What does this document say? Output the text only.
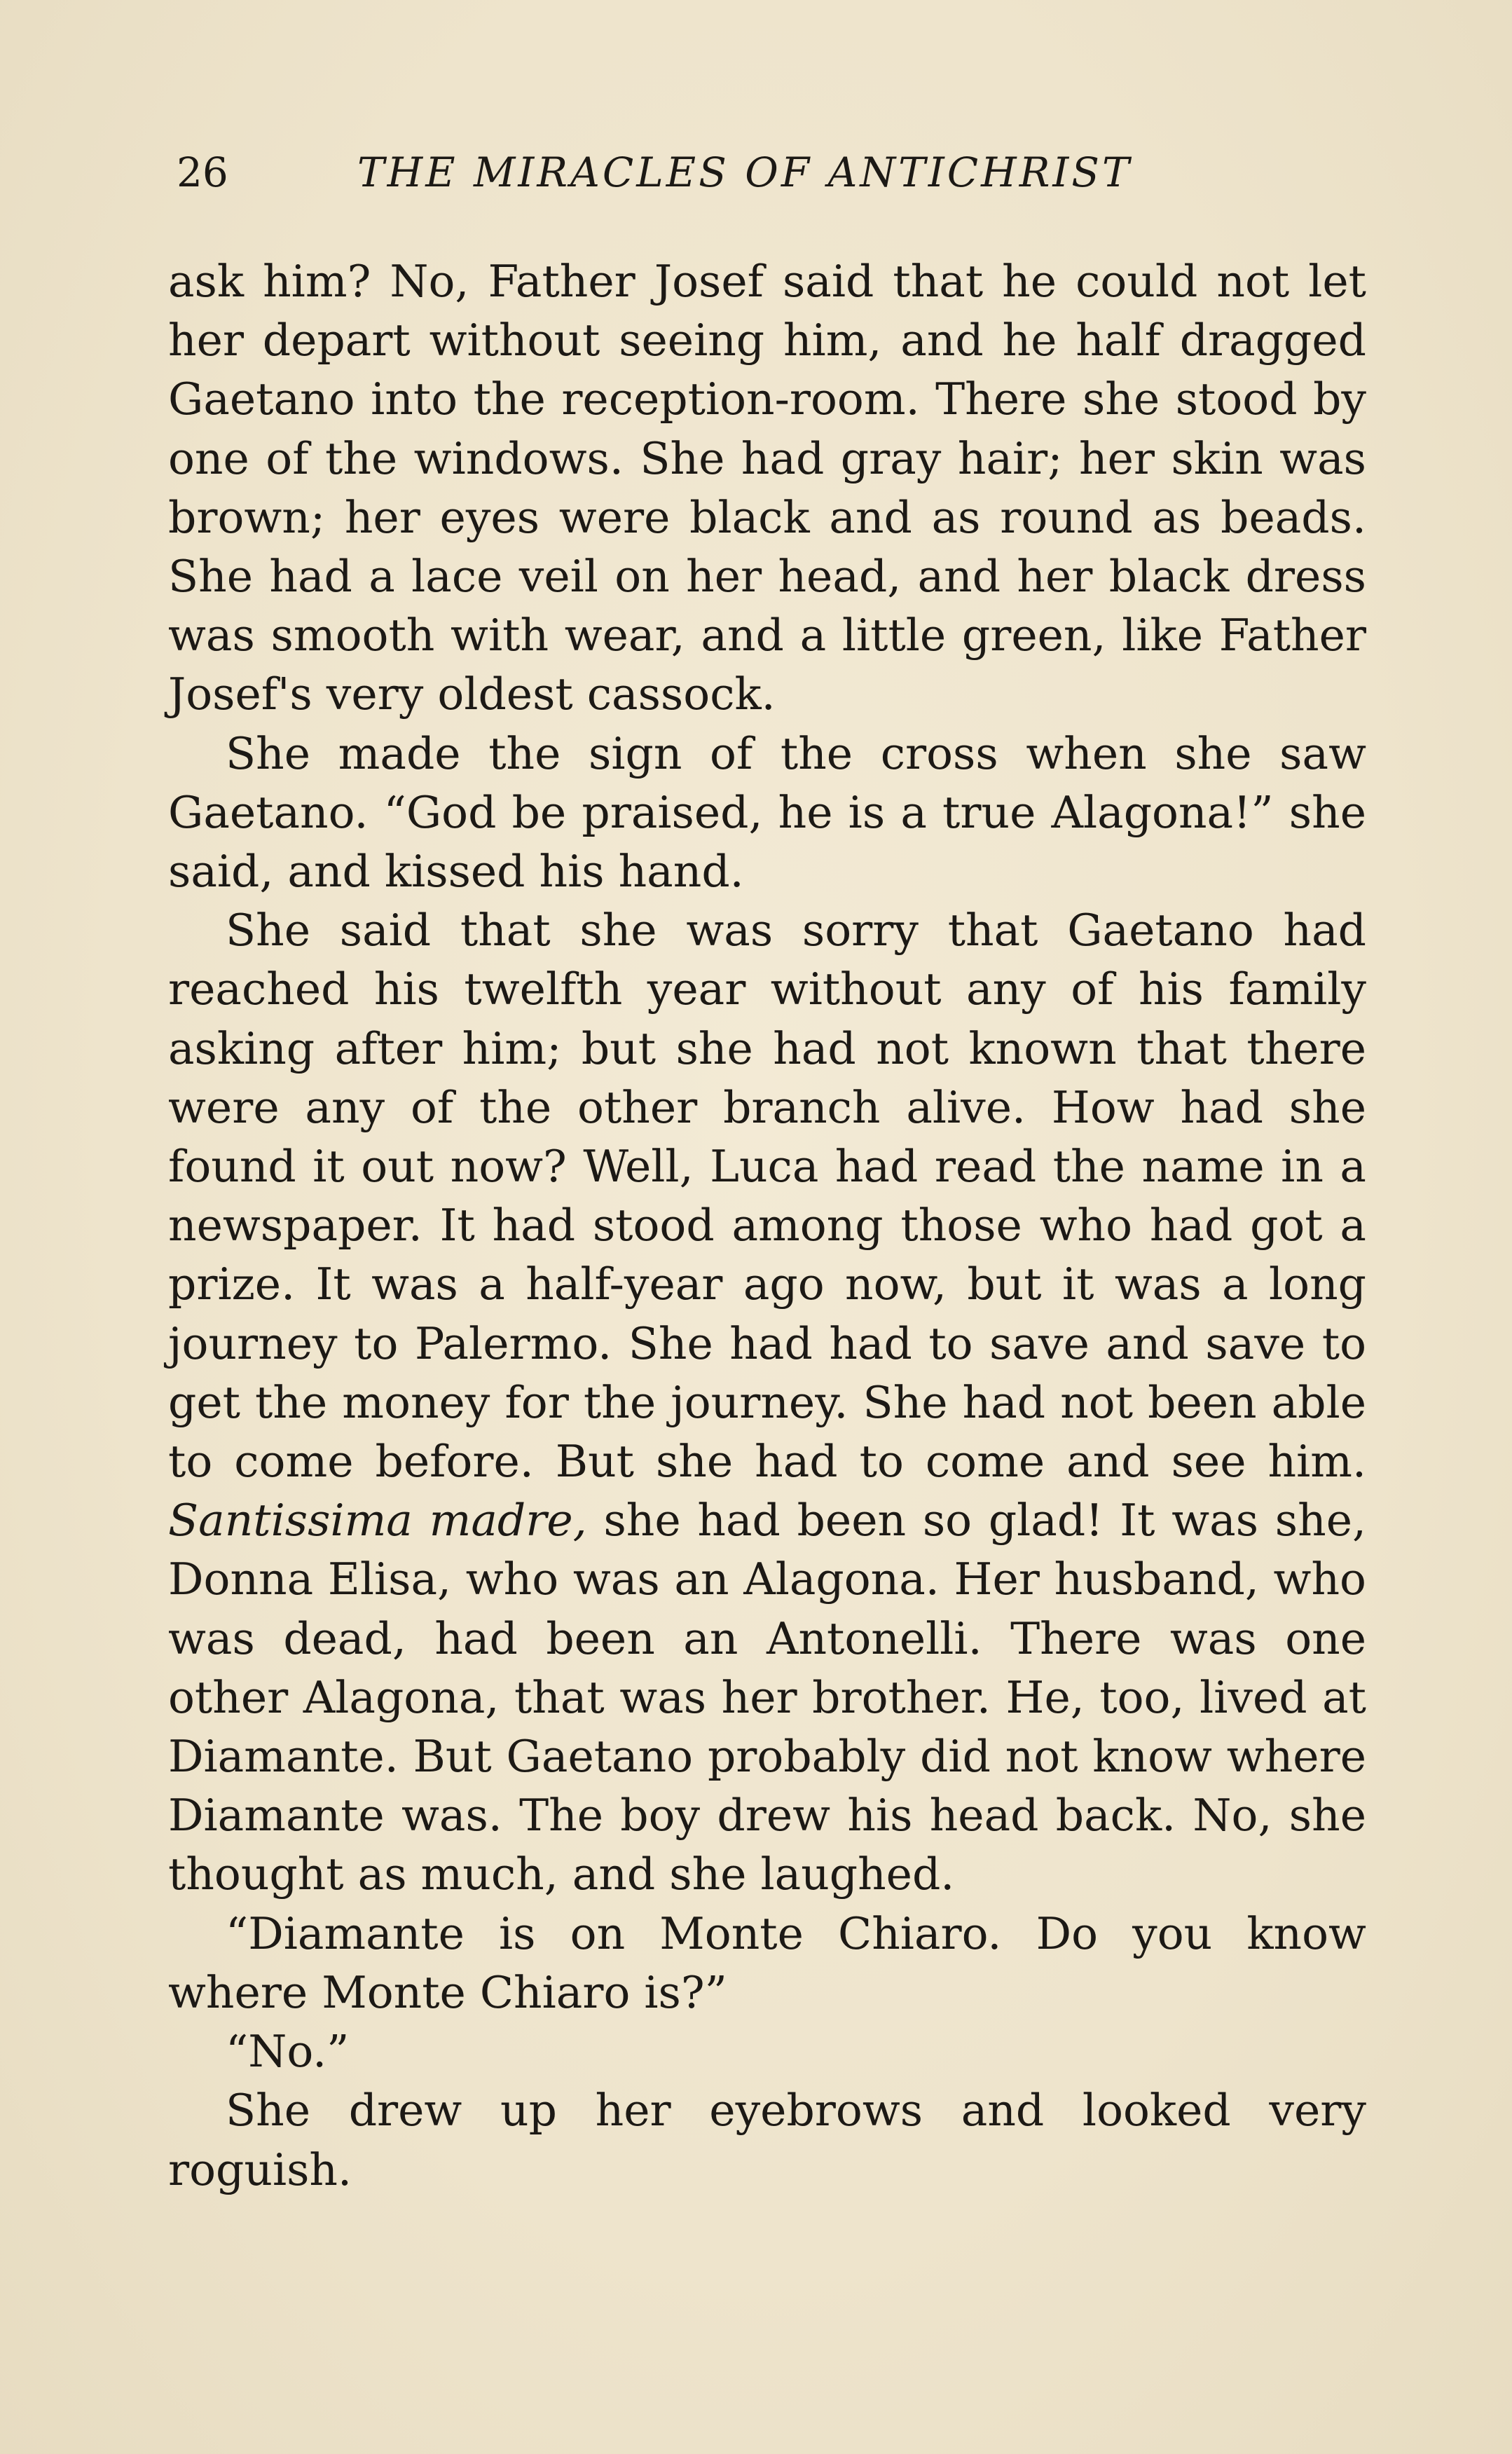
26	THE MIRACLES OF ANTICHRIST

ask him? No, Father Josef said that he could not let her depart without seeing him, and he half dragged Gaetano into the reception-room. There she stood by one of the windows. She had gray hair; her skin was brown; her eyes were black and as round as beads. She had a lace veil on her head, and her black dress was smooth with wear, and a little green, like Father Josef's very oldest cassock.

She made the sign of the cross when she saw Gaetano. “God be praised, he is a true Alagona!” she said, and kissed his hand.

She said that she was sorry that Gaetano had reached his twelfth year without any of his family asking after him; but she had not known that there were any of the other branch alive. How had she found it out now? Well, Luca had read the name in a newspaper. It had stood among those who had got a prize. It was a half-year ago now, but it was a long journey to Palermo. She had had to save and save to get the money for the journey. She had not been able to come before. But she had to come and see him. Santissima madre, she had been so glad! It was she, Donna Elisa, who was an Alagona. Her husband, who was dead, had been an Antonelli. There was one other Alagona, that was her brother. He, too, lived at Diamante. But Gaetano probably did not know where Diamante was. The boy drew his head back. No, she thought as much, and she laughed.

“Diamante is on Monte Chiaro. Do you know where Monte Chiaro is?”

“No.”

She drew up her eyebrows and looked very roguish.
